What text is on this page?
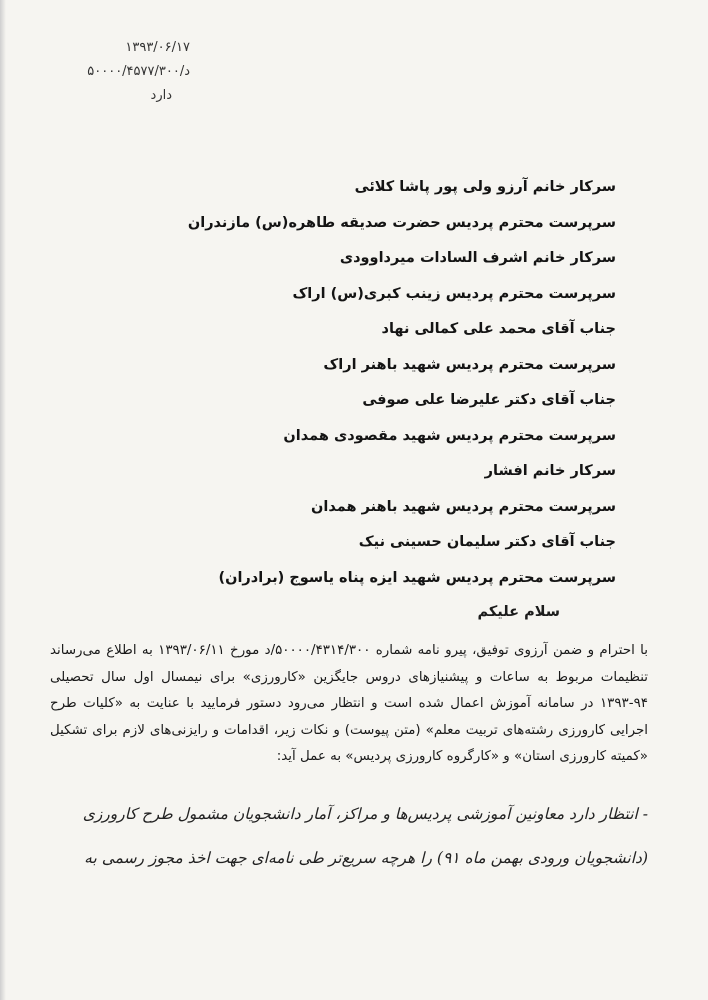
۱۳۹۳/۰۶/۱۷
د/۵۰۰۰۰/۴۵۷۷/۳۰۰
دارد
سرکار خانم آرزو ولی پور پاشا کلائی
سرپرست محترم پردیس حضرت صدیقه طاهره(س) مازندران
سرکار خانم اشرف السادات میرداوودی
سرپرست محترم پردیس زینب کبری(س) اراک
جناب آقای محمد علی کمالی نهاد
سرپرست محترم پردیس شهید باهنر اراک
جناب آقای دکتر علیرضا علی صوفی
سرپرست محترم پردیس شهید مقصودی همدان
سرکار خانم افشار
سرپرست محترم پردیس شهید باهنر همدان
جناب آقای دکتر سلیمان حسینی نیک
سرپرست محترم پردیس شهید ایزه پناه یاسوج (برادران)
سلام علیکم

با احترام و ضمن آرزوی توفیق، پیرو نامه شماره ۵۰۰۰۰/۴۳۱۴/۳۰۰/د مورخ ۱۳۹۳/۰۶/۱۱ به اطلاع می‌رساند تنظیمات مربوط به ساعات و پیشنیازهای دروس جایگزین «کارورزی» برای نیمسال اول سال تحصیلی ۹۴-۱۳۹۳ در سامانه آموزش اعمال شده است و انتظار می‌رود دستور فرمایید با عنایت به «کلیات طرح اجرایی کارورزی رشته‌های تربیت معلم» (متن پیوست) و نکات زیر، اقدامات و رایزنی‌های لازم برای تشکیل «کمیته کارورزی استان» و «کارگروه کارورزی پردیس» به عمل آید:

- انتظار دارد معاونین آموزشی پردیس‌ها و مراکز، آمار دانشجویان مشمول طرح کارورزی

(دانشجویان ورودی بهمن ماه ۹۱) را هرچه سریع‌تر طی نامه‌ای جهت اخذ مجوز رسمی به
